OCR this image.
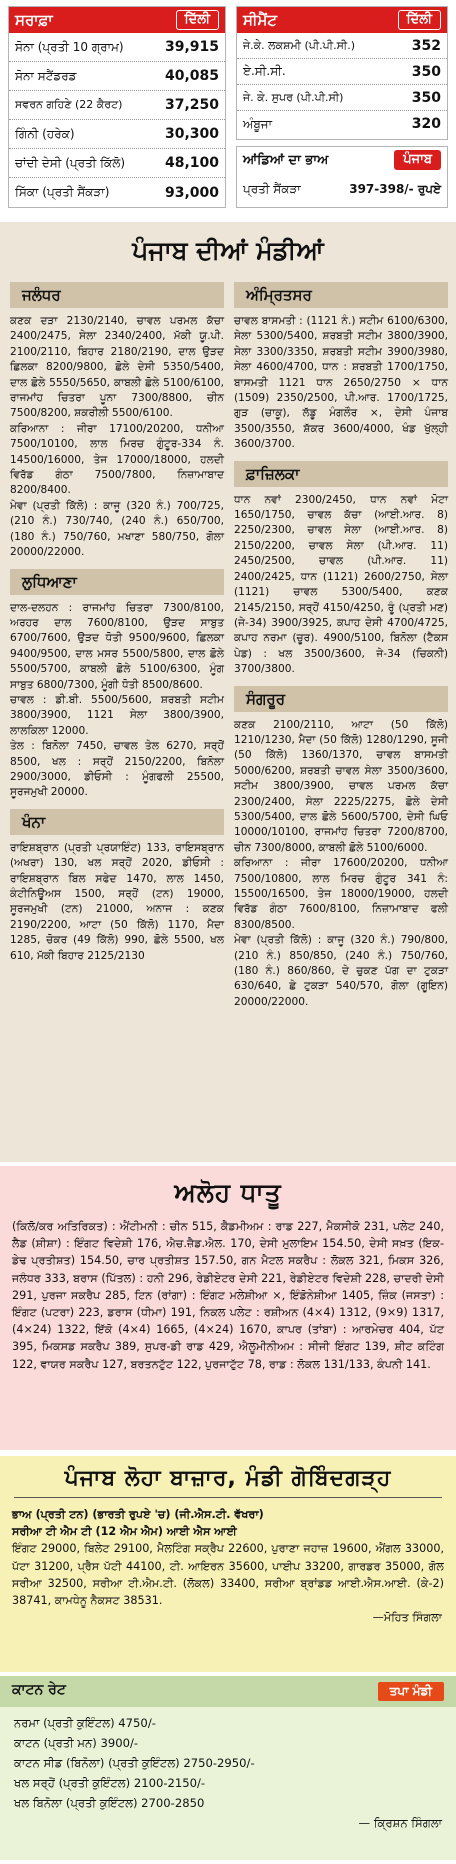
ਸਰਾਫ਼ਾ	ਦਿੱਲੀ
ਸੋਨਾ (ਪ੍ਰਤੀ 10 ਗ੍ਰਾਮ)	39,915
ਸੋਨਾ ਸਟੈਂਡਰਡ	40,085
ਸਵਰਨ ਗਹਿਣੇ (22 ਕੈਰਟ)	37,250
ਗਿੰਨੀ (ਹਰੇਕ)	30,300
ਚਾਂਦੀ ਦੇਸੀ (ਪ੍ਰਤੀ ਕਿੱਲੋ)	48,100
ਸਿੱਕਾ (ਪ੍ਰਤੀ ਸੈਂਕੜਾ)	93,000
ਸੀਮੈਂਟ	ਦਿੱਲੀ
ਜੇ.ਕੇ. ਲਕਸ਼ਮੀ (ਪੀ.ਪੀ.ਸੀ.)	352
ਏ.ਸੀ.ਸੀ.	350
ਜੇ. ਕੇ. ਸੁਪਰ (ਪੀ.ਪੀ.ਸੀ)	350
ਅੰਬੂਜਾ	320
ਆਂਡਿਆਂ ਦਾ ਭਾਅ	ਪੰਜਾਬ
ਪ੍ਰਤੀ ਸੈਂਕੜਾ	397-398/- ਰੁਪਏ
ਪੰਜਾਬ ਦੀਆਂ ਮੰਡੀਆਂ
ਜਲੰਧਰ
ਕਣਕ ਦੜਾ 2130/2140, ਚਾਵਲ ਪਰਮਲ ਕੱਚਾ 2400/2475, ਸੇਲਾ 2340/2400, ਮੱਕੀ ਯੂ.ਪੀ. 2100/2110, ਬਿਹਾਰ 2180/2190, ਦਾਲ ਉੜਦ ਛਿਲਕਾ 8200/9800, ਛੋਲੇ ਦੇਸੀ 5350/5400, ਦਾਲ ਛੋਲੇ 5550/5650, ਕਾਬਲੀ ਛੋਲੇ 5100/6100, ਰਾਜਮਾਂਹ ਚਿਤਰਾ ਪੂਨਾ 7300/8800, ਚੀਨ 7500/8200, ਸ਼ਕਰੀਲੀ 5500/6100.
ਕਰਿਆਨਾ : ਜੀਰਾ 17100/20200, ਧਨੀਆ 7500/10100, ਲਾਲ ਮਿਰਚ ਗੁੰਟੂਰ-334 ਨੰ. 14500/16000, ਤੇਜ 17000/18000, ਹਲਦੀ ਵਿਰੱਡ ਗੰਠਾ 7500/7800, ਨਿਜ਼ਾਮਾਬਾਦ 8200/8400.
ਮੇਵਾ (ਪ੍ਰਤੀ ਕਿੱਲੋ) : ਕਾਜੂ (320 ਨੰ.) 700/725, (210 ਨੰ.) 730/740, (240 ਨੰ.) 650/700, (180 ਨੰ.) 750/760, ਮਖਾਣਾ 580/750, ਗੋਲਾ 20000/22000.
ਲੁਧਿਆਣਾ
ਦਾਲ-ਦਲਹਨ : ਰਾਜਮਾਂਹ ਚਿਤਰਾ 7300/8100, ਅਰਹਰ ਦਾਲ 7600/8100, ਉੜਦ ਸਾਬੁਤ 6700/7600, ਉੜਦ ਧੋਤੀ 9500/9600, ਛਿਲਕਾ 9400/9500, ਦਾਲ ਮਸਰ 5500/5800, ਦਾਲ ਛੋਲੇ 5500/5700, ਕਾਬਲੀ ਛੋਲੇ 5100/6300, ਮੂੰਗ ਸਾਬੁਤ 6800/7300, ਮੂੰਗੀ ਧੋਤੀ 8500/8600.
ਚਾਵਲ : ਡੀ.ਬੀ. 5500/5600, ਸ਼ਰਬਤੀ ਸਟੀਮ 3800/3900, 1121 ਸੇਲਾ 3800/3900, ਲਾਲਕਿਲਾ 12000.
ਤੇਲ : ਬਿਨੋਲਾ 7450, ਚਾਵਲ ਤੇਲ 6270, ਸਰ੍ਹੋਂ 8500, ਖਲ : ਸਰ੍ਹੋਂ 2150/2200, ਬਿਨੋਲਾ 2900/3000, ਡੀਓਸੀ : ਮੂੰਗਫਲੀ 25500, ਸੂਰਜਮੁਖੀ 20000.
ਖੰਨਾ
ਰਾਇਸ਼ਬ੍ਰਾਨ (ਪ੍ਰਤੀ ਪ੍ਰਯਾਇੰਟ) 133, ਰਾਇਸਬ੍ਰਾਨ (ਅਖਰਾ) 130, ਖਲ ਸਰ੍ਹੋਂ 2020, ਡੀਓਸੀ : ਰਾਇਸ਼ਬ੍ਰਾਨ ਬਿਲ ਸਫੇਦ 1470, ਲਾਲ 1450, ਕੰਟੀਨਿਊਅਸ 1500, ਸਰ੍ਹੋਂ (ਟਨ) 19000, ਸੂਰਜਮੁਖੀ (ਟਨ) 21000, ਅਨਾਜ : ਕਣਕ 2190/2200, ਆਟਾ (50 ਕਿੱਲੋ) 1170, ਮੈਦਾ 1285, ਚੋਕਰ (49 ਕਿੱਲੋ) 990, ਛੋਲੇ 5500, ਖਲ 610, ਮੱਕੀ ਬਿਹਾਰ 2125/2130
ਅੰਮ੍ਰਿਤਸਰ
ਚਾਵਲ ਬਾਸਮਤੀ : (1121 ਨੰ.) ਸਟੀਮ 6100/6300, ਸੇਲਾ 5300/5400, ਸ਼ਰਬਤੀ ਸਟੀਮ 3800/3900, ਸੇਲਾ 3300/3350, ਸ਼ਰਬਤੀ ਸਟੀਮ 3900/3980, ਸੇਲਾ 4600/4700, ਧਾਨ : ਸ਼ਰਬਤੀ 1700/1750, ਬਾਸਮਤੀ 1121 ਧਾਨ 2650/2750 × ਧਾਨ (1509) 2350/2500, ਪੀ.ਆਰ. 1700/1725, ਗੁੜ (ਚਾਕੂ), ਲੱਡੂ ਮੰਗਲੌਰ ×, ਦੇਸੀ ਪੰਜਾਬ 3500/3550, ਸ਼ੱਕਰ 3600/4000, ਖੰਡ ਖੁੱਲ੍ਹੀ 3600/3700.
ਫ਼ਾਜ਼ਿਲਕਾ
ਧਾਨ ਨਵਾਂ 2300/2450, ਧਾਨ ਨਵਾਂ ਮੋਟਾ 1650/1750, ਚਾਵਲ ਕੱਚਾ (ਆਈ.ਆਰ. 8) 2250/2300, ਚਾਵਲ ਸੇਲਾ (ਆਈ.ਆਰ. 8) 2150/2200, ਚਾਵਲ ਸੇਲਾ (ਪੀ.ਆਰ. 11) 2450/2500, ਚਾਵਲ (ਪੀ.ਆਰ. 11) 2400/2425, ਧਾਨ (1121) 2600/2750, ਸੇਲਾ (1121) ਚਾਵਲ 5300/5400, ਕਣਕ 2145/2150, ਸਰ੍ਹੋਂ 4150/4250, ਰੂੰ (ਪ੍ਰਤੀ ਮਣ) (ਜੇ-34) 3900/3925, ਕਪਾਹ ਦੇਸੀ 4700/4725, ਕਪਾਹ ਨਰਮਾ (ਚੂਰ). 4900/5100, ਬਿਨੋਲਾ (ਟੈਕਸ ਪੇਡ) : ਖਲ 3500/3600, ਜੇ-34 (ਚਿਕਨੀ) 3700/3800.
ਸੰਗਰੂਰ
ਕਣਕ 2100/2110, ਆਟਾ (50 ਕਿੱਲੋ) 1210/1230, ਮੈਦਾ (50 ਕਿੱਲੋ) 1280/1290, ਸੂਜੀ (50 ਕਿੱਲੋ) 1360/1370, ਚਾਵਲ ਬਾਸਮਤੀ 5000/6200, ਸ਼ਰਬਤੀ ਚਾਵਲ ਸੇਲਾ 3500/3600, ਸਟੀਮ 3800/3900, ਚਾਵਲ ਪਰਮਲ ਕੱਚਾ 2300/2400, ਸੇਲਾ 2225/2275, ਛੋਲੇ ਦੇਸੀ 5300/5400, ਦਾਲ ਛੋਲੇ 5600/5700, ਦੇਸੀ ਘਿਓ 10000/10100, ਰਾਜਮਾਂਹ ਚਿਤਰਾ 7200/8700, ਚੀਨ 7300/8000, ਕਾਬਲੀ ਛੋਲੇ 5100/6000.
ਕਰਿਆਨਾ : ਜੀਰਾ 17600/20200, ਧਨੀਆ 7500/10800, ਲਾਲ ਮਿਰਚ ਗੁੰਟੂਰ 341 ਨੰ: 15500/16500, ਤੇਜ 18000/19000, ਹਲਦੀ ਵਿਰੱਡ ਗੰਠਾ 7600/8100, ਨਿਜ਼ਾਮਾਬਾਦ ਫਲੀ 8300/8500.
ਮੇਵਾ (ਪ੍ਰਤੀ ਕਿੱਲੋ) : ਕਾਜੂ (320 ਨੰ.) 790/800, (210 ਨੰ.) 850/850, (240 ਨੰ.) 750/760, (180 ਨੰ.) 860/860, ਦੇ ਚੁਕਣ ਪੱਗ ਦਾ ਟੁਕੜਾ 630/640, ਛੇ ਟੁਕੜਾ 540/570, ਗੋਲਾ (ਗੂਇਨ) 20000/22000.
ਅਲੋਹ ਧਾਤੂ
(ਕਿਲੋ/ਕਰ ਅਤਿਰਿਕਤ) : ਐਂਟੀਮਨੀ : ਚੀਨ 515, ਕੈਡਮੀਅਮ : ਰਾਡ 227, ਮੈਕਸੀਕੋ 231, ਪਲੇਟ 240, ਲੈਡ (ਸ਼ੀਸ਼ਾ) : ਇੰਗਟ ਵਿਦੇਸ਼ੀ 176, ਐਚ.ਜ਼ੈਡ.ਐਲ. 170, ਦੇਸੀ ਮੁਲਾਇਮ 154.50, ਦੇਸੀ ਸਖ਼ਤ (ਇਕ-ਡੇਢ ਪ੍ਰਤੀਸ਼ਤ) 154.50, ਚਾਰ ਪ੍ਰਤੀਸ਼ਤ 157.50, ਗਨ ਮੈਟਲ ਸਕਰੈਪ : ਲੋਕਲ 321, ਮਿਕਸ 326, ਜਲੰਧਰ 333, ਬਰਾਸ (ਪਿੱਤਲ) : ਹਨੀ 296, ਰੇਡੀਏਟਰ ਦੇਸੀ 221, ਰੇਡੀਏਟਰ ਵਿਦੇਸ਼ੀ 228, ਚਾਦਰੀ ਦੇਸੀ 291, ਪੁਰਜਾ ਸਕਰੈਪ 285, ਟਿਨ (ਰਾਂਗਾ) : ਇੰਗਟ ਮਲੇਸ਼ੀਆ ×, ਇੰਡੋਨੇਸ਼ੀਆ 1405, ਜ਼ਿੰਕ (ਜਸਤਾ) : ਇੰਗਟ (ਪਟਰਾ) 223, ਡਰਾਸ (ਧੀਮਾ) 191, ਨਿਕਲ ਪਲੇਟ : ਰਸ਼ੀਅਨ (4×4) 1312, (9×9) 1317, (4×24) 1322, ਇੱਕੋ (4×4) 1665, (4×24) 1670, ਕਾਪਰ (ਤਾਂਬਾ) : ਆਰਮੇਚਰ 404, ਪੱਟ 395, ਮਿਕਸਡ ਸਕਰੈਪ 389, ਸੁਪਰ-ਡੀ ਰਾਡ 429, ਐਲੂਮੀਨੀਅਮ : ਸੀਜੀ ਇੰਗਟ 139, ਸ਼ੀਟ ਕਟਿੰਗ 122, ਵਾਯਰ ਸਕਰੈਪ 127, ਬਰਤਨਟੁੱਟ 122, ਪੁਰਜਾਟੁੱਟ 78, ਰਾਡ : ਲੋਕਲ 131/133, ਕੰਪਨੀ 141.
ਪੰਜਾਬ ਲੋਹਾ ਬਾਜ਼ਾਰ, ਮੰਡੀ ਗੋਬਿੰਦਗੜ੍ਹ
ਭਾਅ (ਪ੍ਰਤੀ ਟਨ) (ਭਾਰਤੀ ਰੁਪਏ 'ਚ) (ਜੀ.ਐਸ.ਟੀ. ਵੱਖਰਾ)
ਸਰੀਆ ਟੀ ਐਮ ਟੀ (12 ਐਮ ਐਮ) ਆਈ ਐਸ ਆਈ
ਇੰਗਟ 29000, ਬਿਲੇਟ 29100, ਮੈਲਟਿੰਗ ਸਕ੍ਰੈਪ 22600, ਪੁਰਾਣਾ ਜਹਾਜ਼ 19600, ਐਂਗਲ 33000, ਪੱਟਾ 31200, ਪ੍ਰੈਸ ਪੱਟੀ 44100, ਟੀ. ਆਇਰਨ 35600, ਪਾਈਪ 33200, ਗਾਰਡਰ 35000, ਗੋਲ ਸਰੀਆ 32500, ਸਰੀਆ ਟੀ.ਐਮ.ਟੀ. (ਲੋਕਲ) 33400, ਸਰੀਆ ਬ੍ਰਾਂਡਡ ਆਈ.ਐਸ.ਆਈ. (ਕੇ-2) 38741, ਕਾਮਧੇਨੂ ਨੈਕਸਟ 38531.
—ਮੋਹਿਤ ਸਿੰਗਲਾ
ਕਾਟਨ ਰੇਟ	ਤਪਾ ਮੰਡੀ
ਨਰਮਾ (ਪ੍ਰਤੀ ਕੁਇੰਟਲ) 4750/-
ਕਾਟਨ (ਪ੍ਰਤੀ ਮਨ) 3900/-
ਕਾਟਨ ਸੀਡ (ਬਿਨੋਲਾ) (ਪ੍ਰਤੀ ਕੁਇੰਟਲ) 2750-2950/-
ਖਲ ਸਰ੍ਹੋਂ (ਪ੍ਰਤੀ ਕੁਇੰਟਲ) 2100-2150/-
ਖਲ ਬਿਨੋਲਾ (ਪ੍ਰਤੀ ਕੁਇੰਟਲ) 2700-2850
— ਕ੍ਰਿਸ਼ਨ ਸਿੰਗਲਾ
